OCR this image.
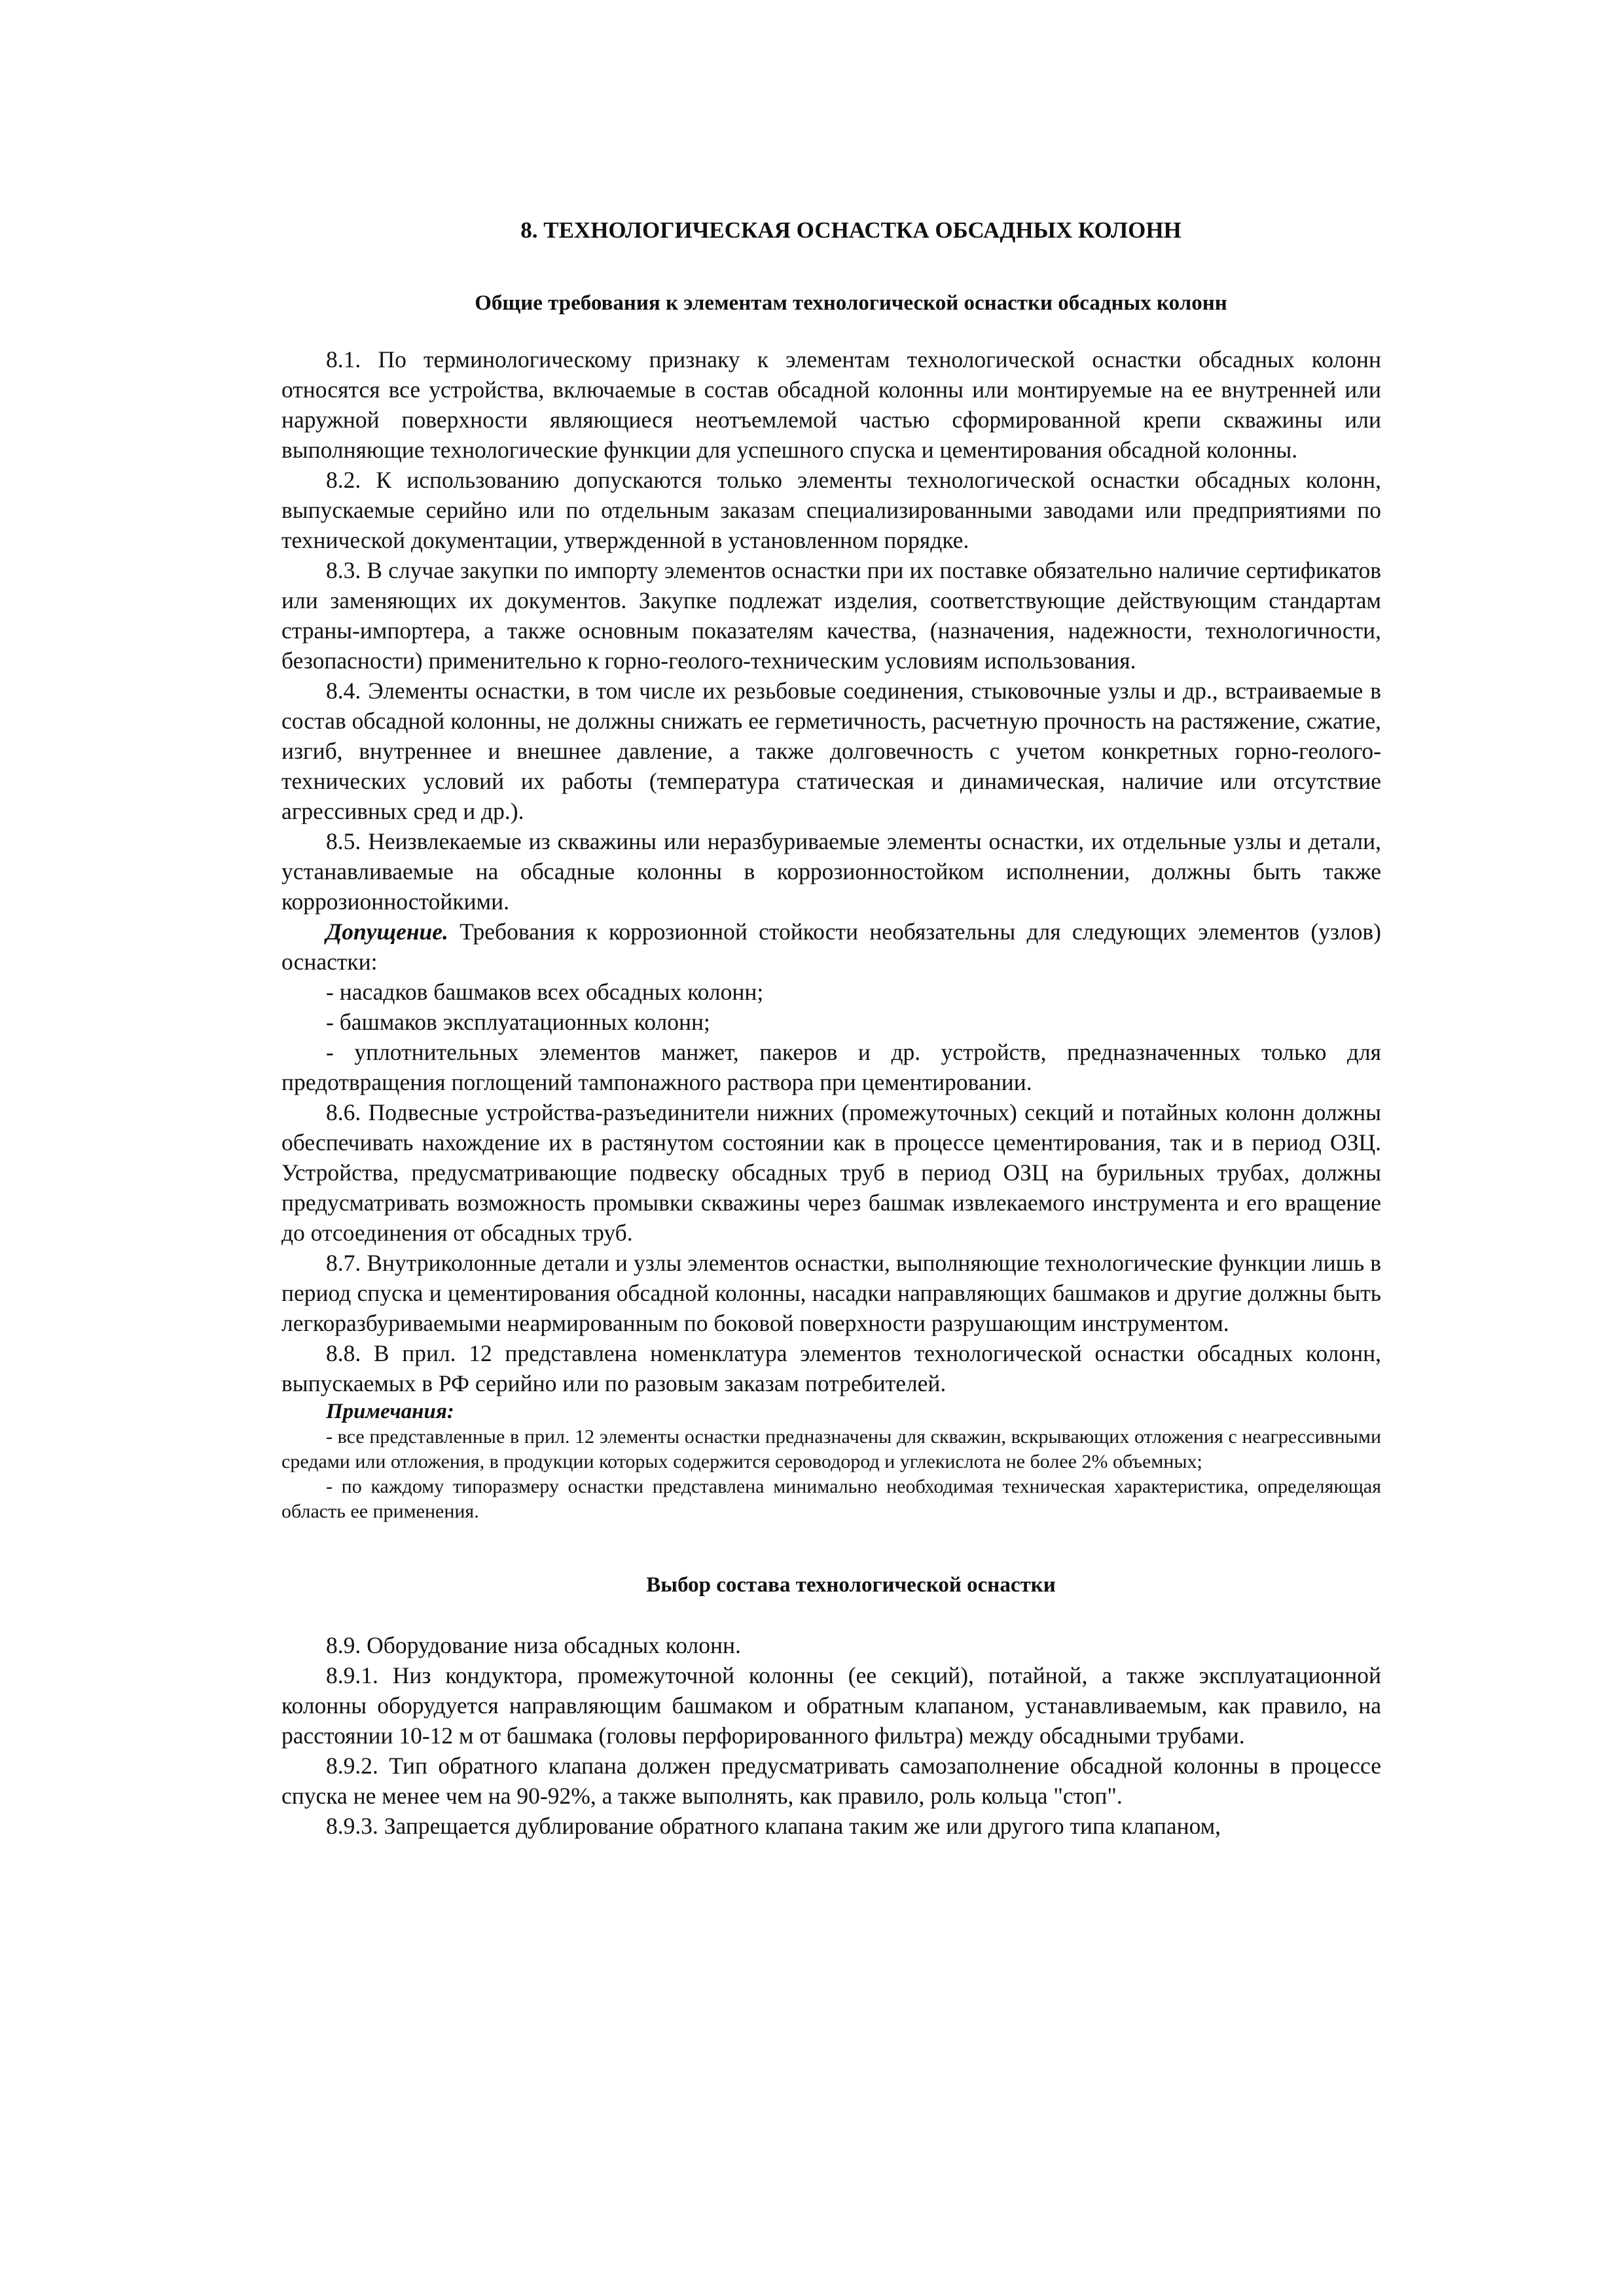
8. ТЕХНОЛОГИЧЕСКАЯ ОСНАСТКА ОБСАДНЫХ КОЛОНН
Общие требования к элементам технологической оснастки обсадных колонн

8.1. По терминологическому признаку к элементам технологической оснастки обсадных колонн относятся все устройства, включаемые в состав обсадной колонны или монтируемые на ее внутренней или наружной поверхности являющиеся неотъемлемой частью сформированной крепи скважины или выполняющие технологические функции для успешного спуска и цементирования обсадной колонны.

8.2. К использованию допускаются только элементы технологической оснастки обсадных колонн, выпускаемые серийно или по отдельным заказам специализированными заводами или предприятиями по технической документации, утвержденной в установленном порядке.

8.3. В случае закупки по импорту элементов оснастки при их поставке обязательно наличие сертификатов или заменяющих их документов. Закупке подлежат изделия, соответствующие действующим стандартам страны-импортера, а также основным показателям качества, (назначения, надежности, технологичности, безопасности) применительно к горно-геолого-техническим условиям использования.

8.4. Элементы оснастки, в том числе их резьбовые соединения, стыковочные узлы и др., встраиваемые в состав обсадной колонны, не должны снижать ее герметичность, расчетную прочность на растяжение, сжатие, изгиб, внутреннее и внешнее давление, а также долговечность с учетом конкретных горно-геолого-технических условий их работы (температура статическая и динамическая, наличие или отсутствие агрессивных сред и др.).

8.5. Неизвлекаемые из скважины или неразбуриваемые элементы оснастки, их отдельные узлы и детали, устанавливаемые на обсадные колонны в коррозионностойком исполнении, должны быть также коррозионностойкими.

Допущение. Требования к коррозионной стойкости необязательны для следующих элементов (узлов) оснастки:

- насадков башмаков всех обсадных колонн;

- башмаков эксплуатационных колонн;

- уплотнительных элементов манжет, пакеров и др. устройств, предназначенных только для предотвращения поглощений тампонажного раствора при цементировании.

8.6. Подвесные устройства-разъединители нижних (промежуточных) секций и потайных колонн должны обеспечивать нахождение их в растянутом состоянии как в процессе цементирования, так и в период ОЗЦ. Устройства, предусматривающие подвеску обсадных труб в период ОЗЦ на бурильных трубах, должны предусматривать возможность промывки скважины через башмак извлекаемого инструмента и его вращение до отсоединения от обсадных труб.

8.7. Внутриколонные детали и узлы элементов оснастки, выполняющие технологические функции лишь в период спуска и цементирования обсадной колонны, насадки направляющих башмаков и другие должны быть легкоразбуриваемыми неармированным по боковой поверхности разрушающим инструментом.

8.8. В прил. 12 представлена номенклатура элементов технологической оснастки обсадных колонн, выпускаемых в РФ серийно или по разовым заказам потребителей.

Примечания:

- все представленные в прил. 12 элементы оснастки предназначены для скважин, вскрывающих отложения с неагрессивными средами или отложения, в продукции которых содержится сероводород и углекислота не более 2% объемных;

- по каждому типоразмеру оснастки представлена минимально необходимая техническая характеристика, определяющая область ее применения.

Выбор состава технологической оснастки

8.9. Оборудование низа обсадных колонн.

8.9.1. Низ кондуктора, промежуточной колонны (ее секций), потайной, а также эксплуатационной колонны оборудуется направляющим башмаком и обратным клапаном, устанавливаемым, как правило, на расстоянии 10-12 м от башмака (головы перфорированного фильтра) между обсадными трубами.

8.9.2. Тип обратного клапана должен предусматривать самозаполнение обсадной колонны в процессе спуска не менее чем на 90-92%, а также выполнять, как правило, роль кольца "стоп".

8.9.3. Запрещается дублирование обратного клапана таким же или другого типа клапаном,
